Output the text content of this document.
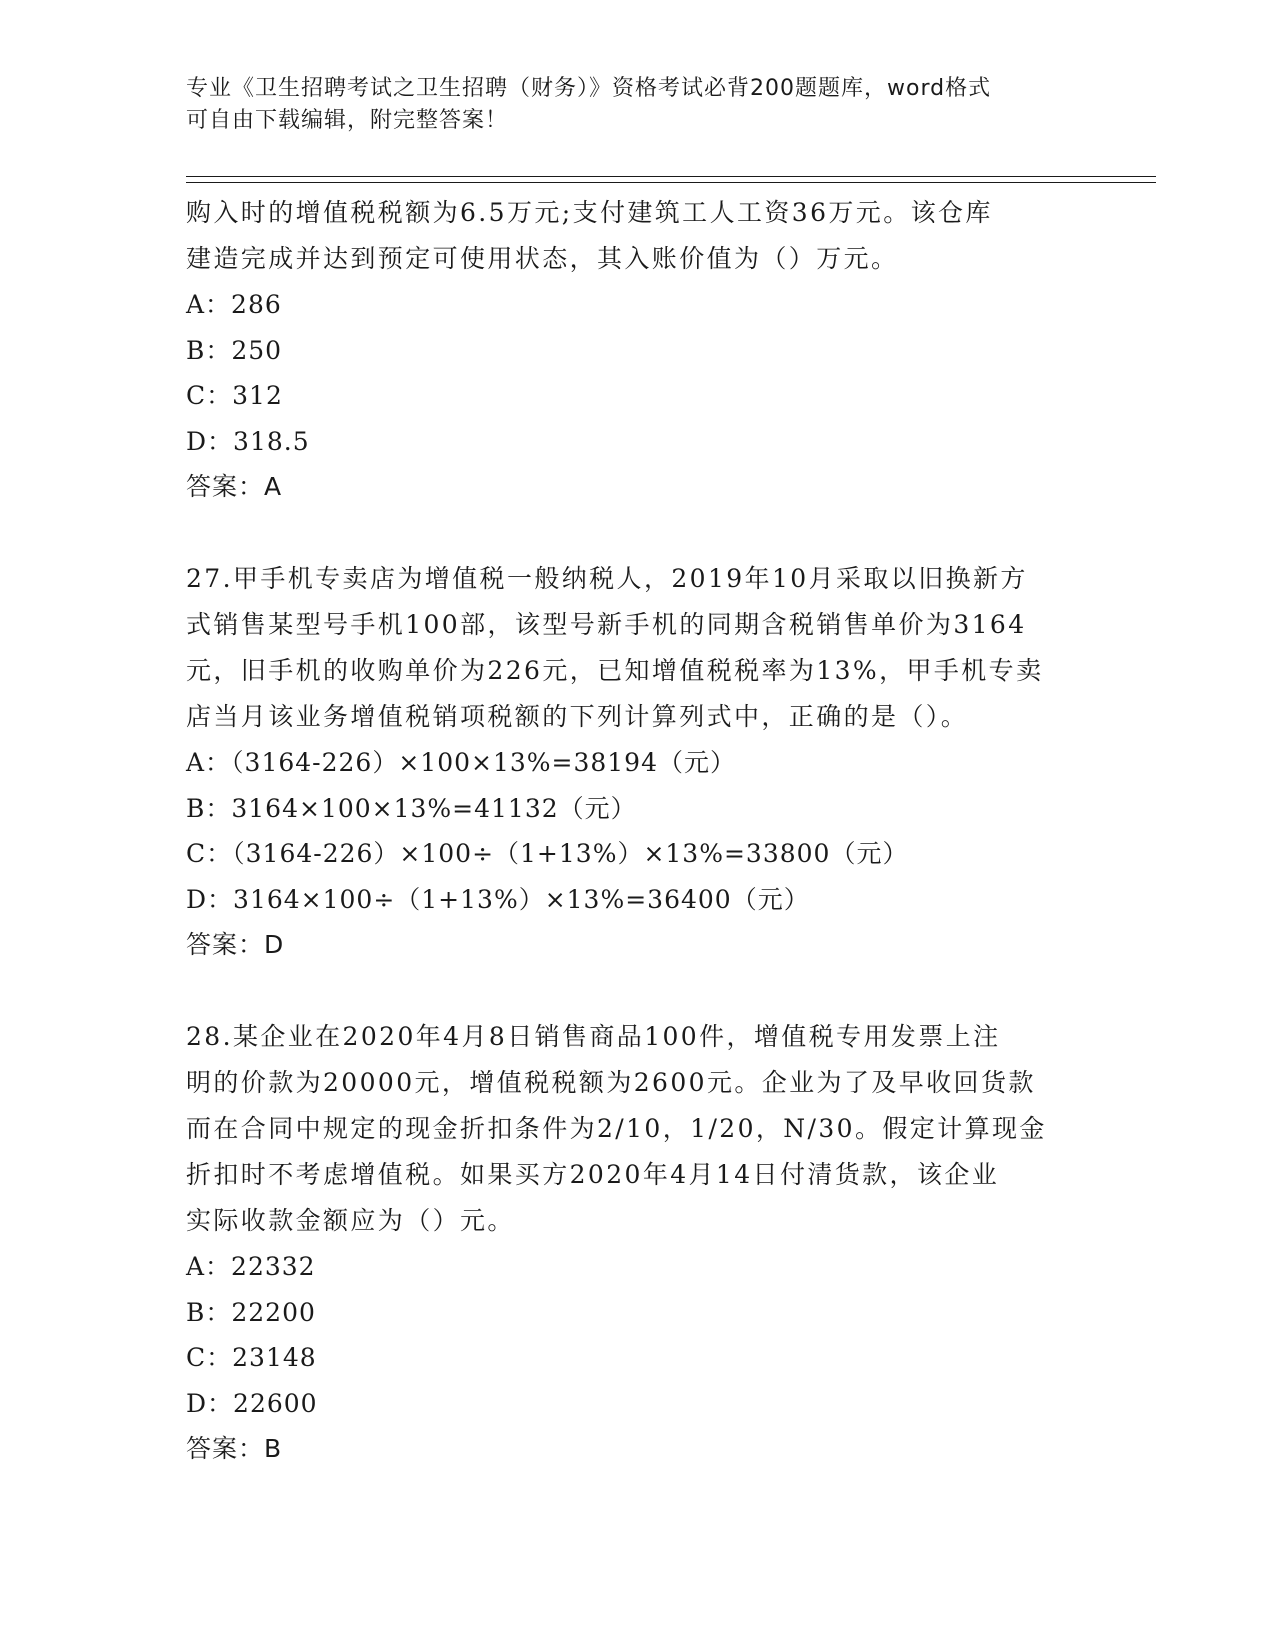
专业《卫生招聘考试之卫生招聘（财务）》资格考试必背200题题库，word格式
可自由下载编辑，附完整答案！
购入时的增值税税额为6.5万元;支付建筑工人工资36万元。该仓库
建造完成并达到预定可使用状态，其入账价值为（）万元。
A：286
B：250
C：312
D：318.5
答案：A
27.甲手机专卖店为增值税一般纳税人，2019年10月采取以旧换新方
式销售某型号手机100部，该型号新手机的同期含税销售单价为3164
元，旧手机的收购单价为226元，已知增值税税率为13%，甲手机专卖
店当月该业务增值税销项税额的下列计算列式中，正确的是（）。
A：（3164-226）×100×13%=38194（元）
B：3164×100×13%=41132（元）
C：（3164-226）×100÷（1+13%）×13%=33800（元）
D：3164×100÷（1+13%）×13%=36400（元）
答案：D
28.某企业在2020年4月8日销售商品100件，增值税专用发票上注
明的价款为20000元，增值税税额为2600元。企业为了及早收回货款
而在合同中规定的现金折扣条件为2/10，1/20，N/30。假定计算现金
折扣时不考虑增值税。如果买方2020年4月14日付清货款，该企业
实际收款金额应为（）元。
A：22332
B：22200
C：23148
D：22600
答案：B
